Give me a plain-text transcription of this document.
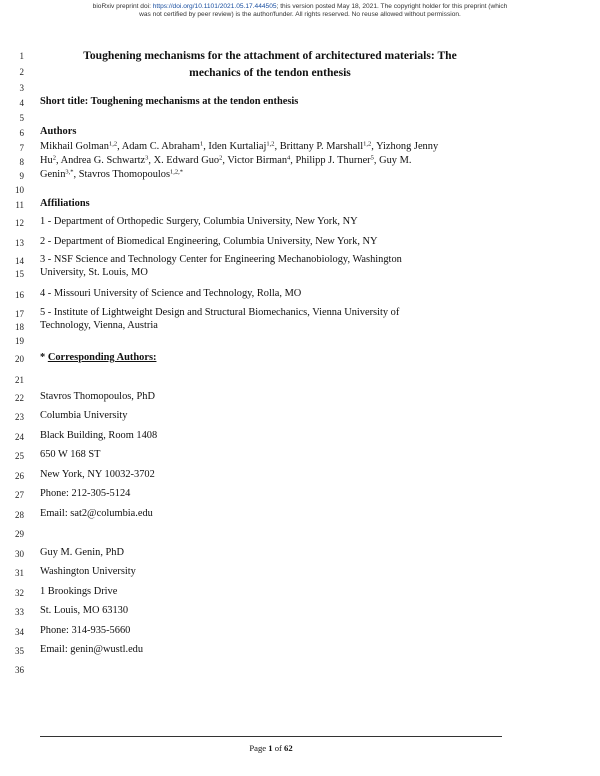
bioRxiv preprint doi: https://doi.org/10.1101/2021.05.17.444505; this version posted May 18, 2021. The copyright holder for this preprint (which
was not certified by peer review) is the author/funder. All rights reserved. No reuse allowed without permission.
1
2
3
4
5
6
7
8
9
10
11
12
13
14
15
16
17
18
19
20
21
22
23
24
25
26
27
28
29
30
31
32
33
34
35
36
Toughening mechanisms for the attachment of architectured materials: The
mechanics of the tendon enthesis
Short title: Toughening mechanisms at the tendon enthesis
Authors
Mikhail Golman$^{1,2}$, Adam C. Abraham$^1$, Iden Kurtaliaj$^{1,2}$, Brittany P. Marshall$^{1,2}$, Yizhong Jenny
Hu$^2$, Andrea G. Schwartz$^3$, X. Edward Guo$^2$, Victor Birman$^4$, Philipp J. Thurner$^5$, Guy M.
Genin$^{3,*}$, Stavros Thomopoulos$^{1,2,*}$
Affiliations
1 - Department of Orthopedic Surgery, Columbia University, New York, NY
2 - Department of Biomedical Engineering, Columbia University, New York, NY
3 - NSF Science and Technology Center for Engineering Mechanobiology, Washington
University, St. Louis, MO
4 - Missouri University of Science and Technology, Rolla, MO
5 - Institute of Lightweight Design and Structural Biomechanics, Vienna University of
Technology, Vienna, Austria
* Corresponding Authors:
Stavros Thomopoulos, PhD
Columbia University
Black Building, Room 1408
650 W 168 ST
New York, NY 10032-3702
Phone: 212-305-5124
Email: sat2@columbia.edu
Guy M. Genin, PhD
Washington University
1 Brookings Drive
St. Louis, MO 63130
Phone: 314-935-5660
Email: genin@wustl.edu
Page 1 of 62
